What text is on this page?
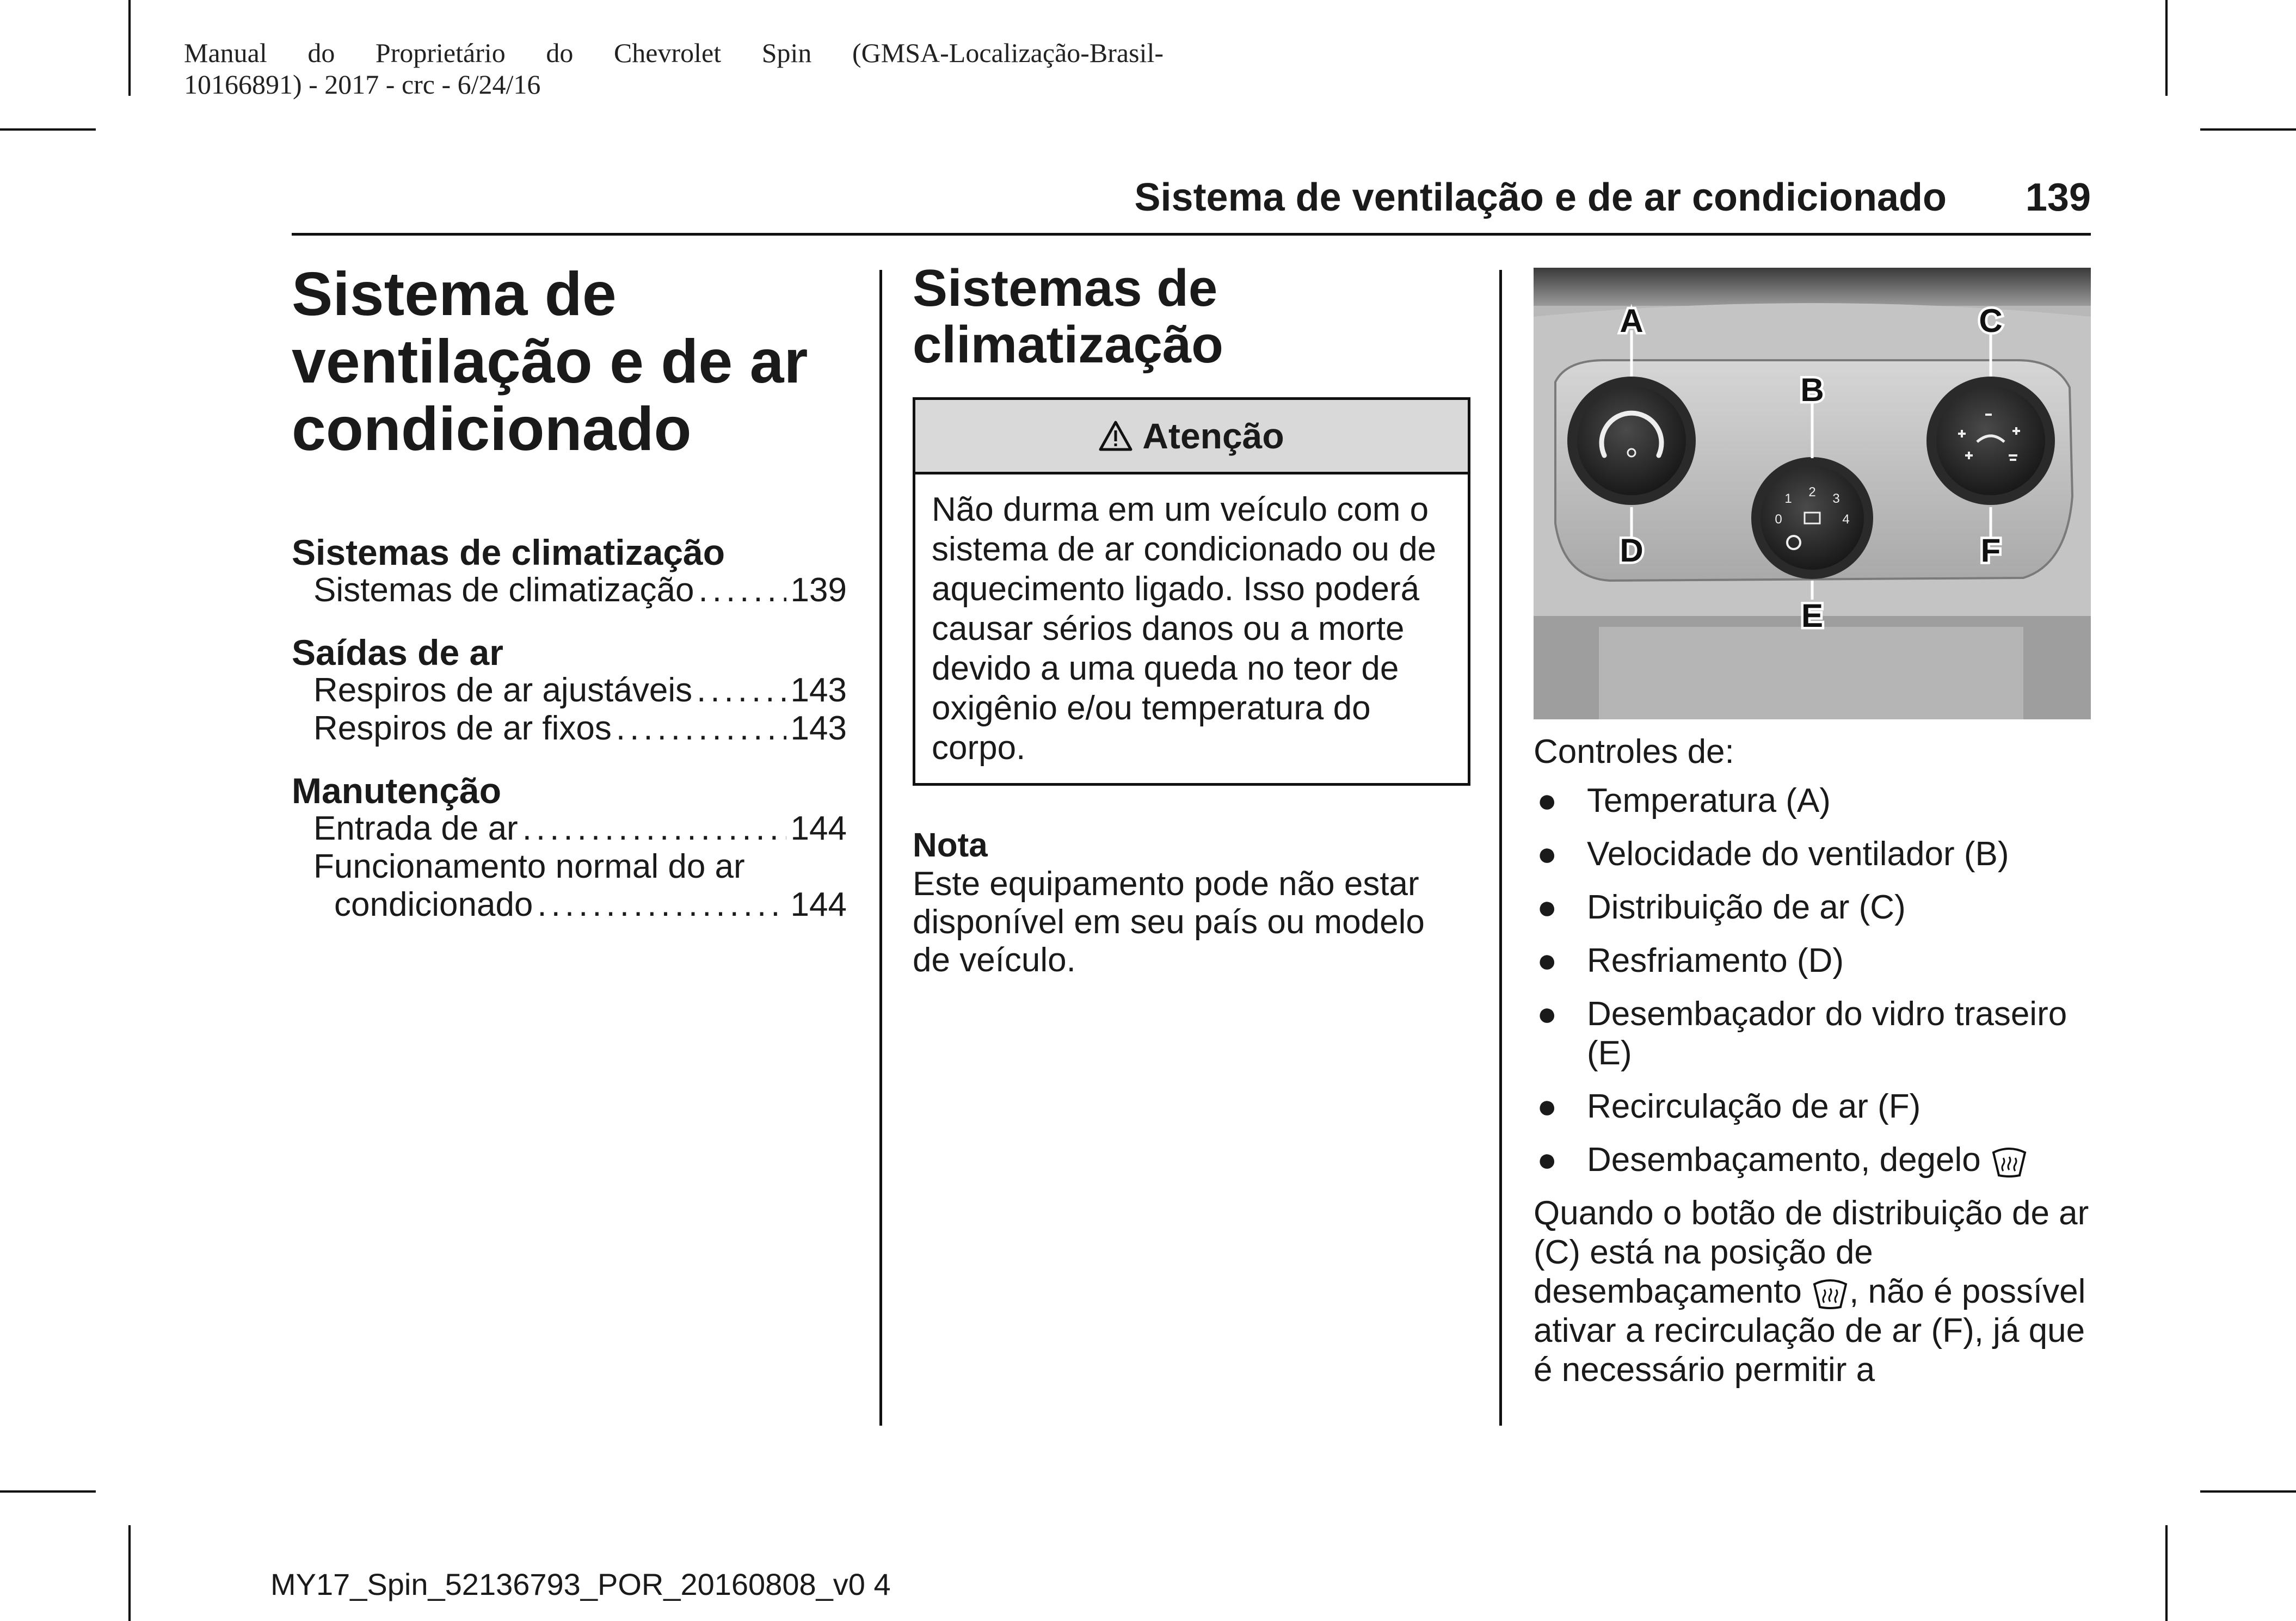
Manual do Proprietário do Chevrolet Spin (GMSA-Localização-Brasil-
10166891) - 2017 - crc - 6/24/16
Sistema de ventilação e de ar condicionado 139
Sistema de ventilação e de ar condicionado
Sistemas de climatização
Sistemas de climatização .....	139
Saídas de ar
Respiros de ar ajustáveis .....	143
Respiros de ar fixos .....	143
Manutenção
Entrada de ar .....	144
Funcionamento normal do ar
condicionado .....	144
Sistemas de climatização
Atenção
Não durma em um veículo com o sistema de ar condicionado ou de aquecimento ligado. Isso poderá causar sérios danos ou a morte devido a uma queda no teor de oxigênio e/ou temperatura do corpo.
Nota
Este equipamento pode não estar disponível em seu país ou modelo de veículo.
2
1	3
0	4
A
B
C
D
E
F
Controles de:
● Temperatura (A)
● Velocidade do ventilador (B)
● Distribuição de ar (C)
● Resfriamento (D)
● Desembaçador do vidro traseiro (E)
● Recirculação de ar (F)
● Desembaçamento, degelo
Quando o botão de distribuição de ar (C) está na posição de desembaçamento , não é possível ativar a recirculação de ar (F), já que é necessário permitir a
MY17_Spin_52136793_POR_20160808_v0 4
